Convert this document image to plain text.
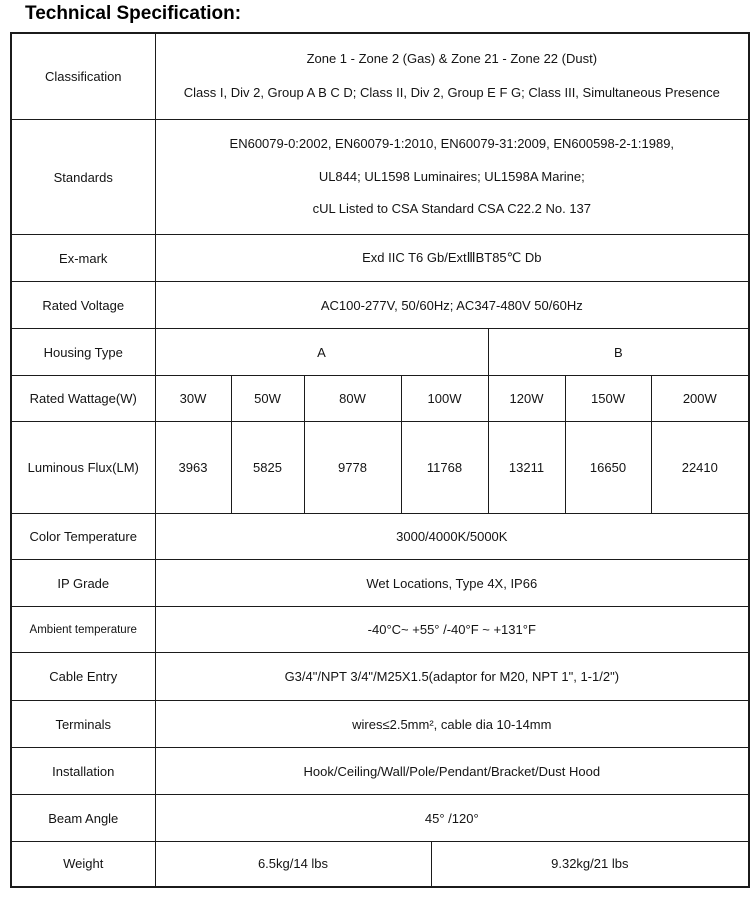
Technical Specification:
Classification	Zone 1 - Zone 2 (Gas) & Zone 21 - Zone 22 (Dust)
Class I, Div 2, Group A B C D; Class II, Div 2, Group E F G; Class III, Simultaneous Presence							

Standards	EN60079-0:2002, EN60079-1:2010, EN60079-31:2009, EN600598-2-1:1989,
UL844; UL1598 Luminaires; UL1598A Marine;
cUL Listed to CSA Standard CSA C22.2 No. 137							

Ex-mark	Exd IIC T6 Gb/ExtⅢBT85℃ Db							
Rated Voltage	AC100-277V, 50/60Hz; AC347-480V 50/60Hz							
Housing Type	A					B		
Rated Wattage(W)	30W	50W	80W	100W		120W	150W	200W
Luminous Flux(LM)	3963	5825	9778	11768		13211	16650	22410
Color Temperature	3000/4000K/5000K							
IP Grade	Wet Locations, Type 4X, IP66							
Ambient temperature	-40°C~ +55° /-40°F ~ +131°F							
Cable Entry	G3/4"/NPT 3/4"/M25X1.5(adaptor for M20, NPT 1", 1-1/2")							
Terminals	wires≤2.5mm², cable dia 10-14mm							
Installation	Hook/Ceiling/Wall/Pole/Pendant/Bracket/Dust Hood							
Beam Angle	45° /120°							
Weight	6.5kg/14 lbs				9.32kg/21 lbs			
